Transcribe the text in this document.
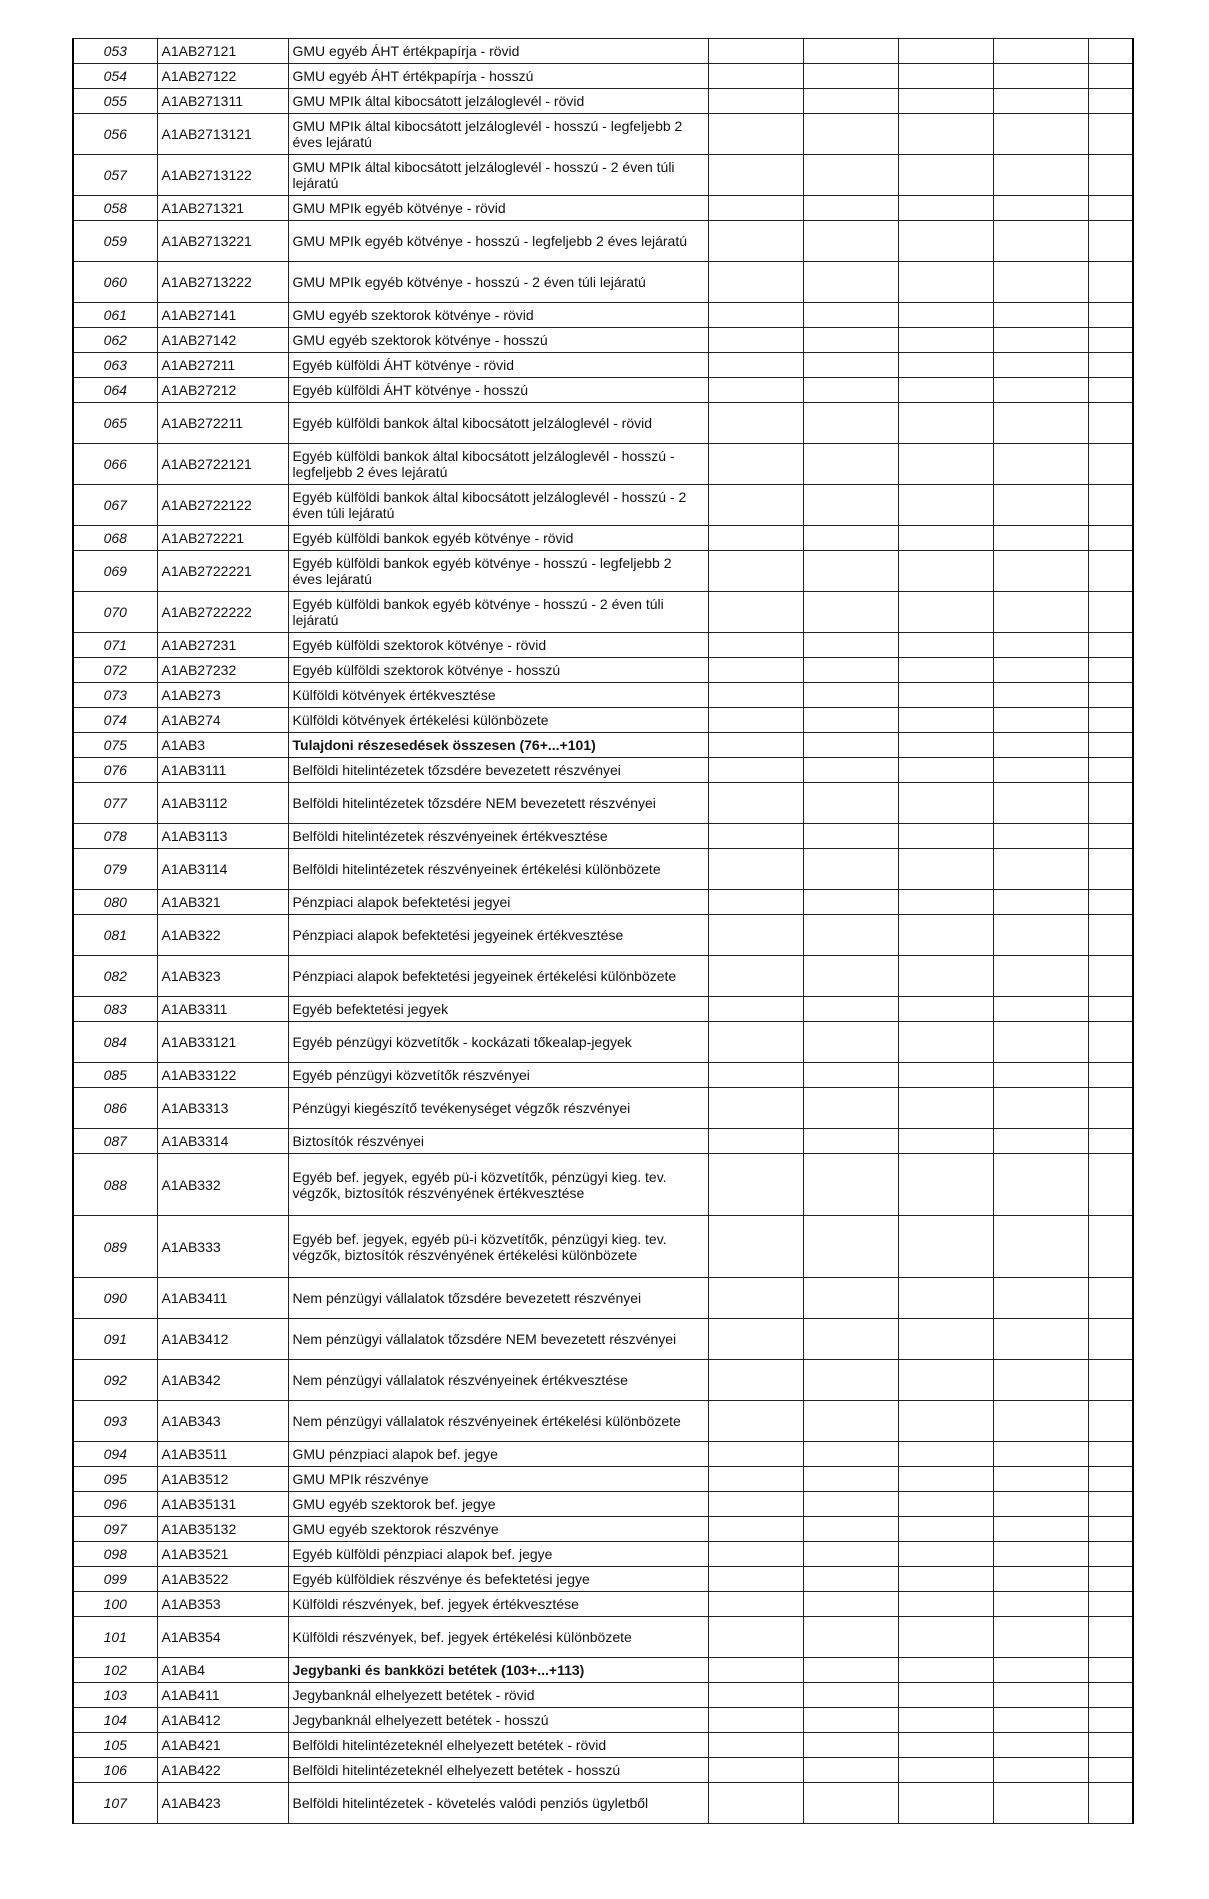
053	A1AB27121	GMU egyéb ÁHT értékpapírja - rövid					
054	A1AB27122	GMU egyéb ÁHT értékpapírja - hosszú					
055	A1AB271311	GMU MPIk által kibocsátott jelzáloglevél - rövid					
056	A1AB2713121	GMU MPIk által kibocsátott jelzáloglevél - hosszú - legfeljebb 2 éves lejáratú					
057	A1AB2713122	GMU MPIk által kibocsátott jelzáloglevél - hosszú - 2 éven túli lejáratú					
058	A1AB271321	GMU MPIk egyéb kötvénye - rövid					
059	A1AB2713221	GMU MPIk egyéb kötvénye - hosszú - legfeljebb 2 éves lejáratú					
060	A1AB2713222	GMU MPIk egyéb kötvénye - hosszú - 2 éven túli lejáratú					
061	A1AB27141	GMU egyéb szektorok kötvénye - rövid					
062	A1AB27142	GMU egyéb szektorok kötvénye - hosszú					
063	A1AB27211	Egyéb külföldi ÁHT kötvénye - rövid					
064	A1AB27212	Egyéb külföldi ÁHT kötvénye - hosszú					
065	A1AB272211	Egyéb külföldi bankok által kibocsátott jelzáloglevél - rövid					
066	A1AB2722121	Egyéb külföldi bankok által kibocsátott jelzáloglevél - hosszú - legfeljebb 2 éves lejáratú					
067	A1AB2722122	Egyéb külföldi bankok által kibocsátott jelzáloglevél - hosszú - 2 éven túli lejáratú					
068	A1AB272221	Egyéb külföldi bankok egyéb kötvénye - rövid					
069	A1AB2722221	Egyéb külföldi bankok egyéb kötvénye - hosszú - legfeljebb 2 éves lejáratú					
070	A1AB2722222	Egyéb külföldi bankok egyéb kötvénye - hosszú - 2 éven túli lejáratú					
071	A1AB27231	Egyéb külföldi szektorok kötvénye - rövid					
072	A1AB27232	Egyéb külföldi szektorok kötvénye - hosszú					
073	A1AB273	Külföldi kötvények értékvesztése					
074	A1AB274	Külföldi kötvények értékelési különbözete					
075	A1AB3	Tulajdoni részesedések összesen (76+...+101)					
076	A1AB3111	Belföldi hitelintézetek tőzsdére bevezetett részvényei					
077	A1AB3112	Belföldi hitelintézetek tőzsdére NEM bevezetett részvényei					
078	A1AB3113	Belföldi hitelintézetek részvényeinek értékvesztése					
079	A1AB3114	Belföldi hitelintézetek részvényeinek értékelési különbözete					
080	A1AB321	Pénzpiaci alapok befektetési jegyei					
081	A1AB322	Pénzpiaci alapok befektetési jegyeinek értékvesztése					
082	A1AB323	Pénzpiaci alapok befektetési jegyeinek értékelési különbözete					
083	A1AB3311	Egyéb befektetési jegyek					
084	A1AB33121	Egyéb pénzügyi közvetítők - kockázati tőkealap-jegyek					
085	A1AB33122	Egyéb pénzügyi közvetítők részvényei					
086	A1AB3313	Pénzügyi kiegészítő tevékenységet végzők részvényei					
087	A1AB3314	Biztosítók részvényei					
088	A1AB332	Egyéb bef. jegyek, egyéb pü-i közvetítők, pénzügyi kieg. tev. végzők, biztosítók részvényének értékvesztése					
089	A1AB333	Egyéb bef. jegyek, egyéb pü-i közvetítők, pénzügyi kieg. tev. végzők, biztosítók részvényének értékelési különbözete					
090	A1AB3411	Nem pénzügyi vállalatok tőzsdére bevezetett részvényei					
091	A1AB3412	Nem pénzügyi vállalatok tőzsdére NEM bevezetett részvényei					
092	A1AB342	Nem pénzügyi vállalatok részvényeinek értékvesztése					
093	A1AB343	Nem pénzügyi vállalatok részvényeinek értékelési különbözete					
094	A1AB3511	GMU pénzpiaci alapok bef. jegye					
095	A1AB3512	GMU MPIk részvénye					
096	A1AB35131	GMU egyéb szektorok bef. jegye					
097	A1AB35132	GMU egyéb szektorok részvénye					
098	A1AB3521	Egyéb külföldi pénzpiaci alapok bef. jegye					
099	A1AB3522	Egyéb külföldiek részvénye és befektetési jegye					
100	A1AB353	Külföldi részvények, bef. jegyek értékvesztése					
101	A1AB354	Külföldi részvények, bef. jegyek értékelési különbözete					
102	A1AB4	Jegybanki és bankközi betétek (103+...+113)					
103	A1AB411	Jegybanknál elhelyezett betétek - rövid					
104	A1AB412	Jegybanknál elhelyezett betétek - hosszú					
105	A1AB421	Belföldi hitelintézeteknél elhelyezett betétek - rövid					
106	A1AB422	Belföldi hitelintézeteknél elhelyezett betétek - hosszú					
107	A1AB423	Belföldi hitelintézetek - követelés valódi penziós ügyletből					
